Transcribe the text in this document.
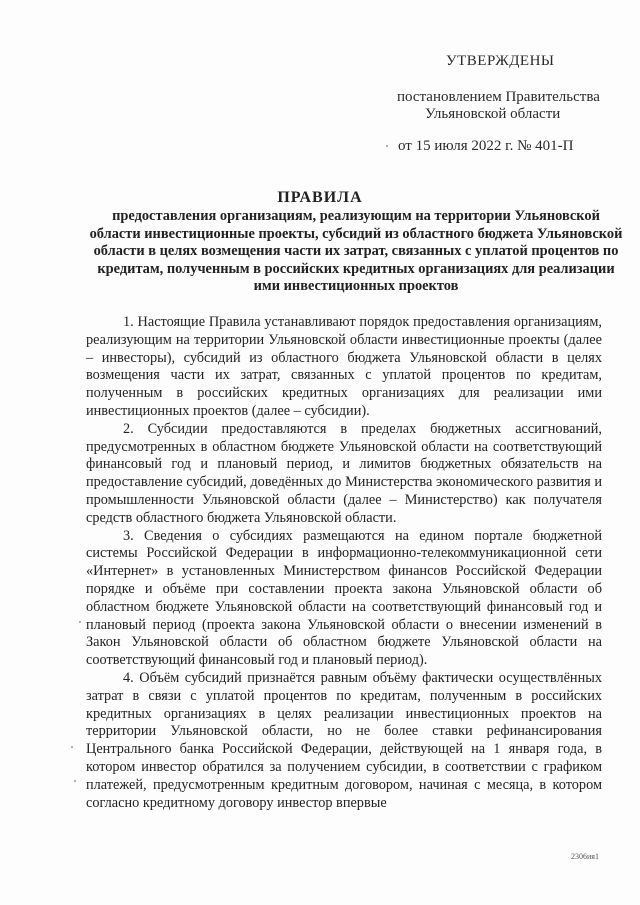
УТВЕРЖДЕНЫ
постановлением Правительства
Ульяновской области
от 15 июля 2022 г. № 401-П
ПРАВИЛА
предоставления организациям, реализующим на территории Ульяновской области инвестиционные проекты, субсидий из областного бюджета Ульяновской области в целях возмещения части их затрат, связанных с уплатой процентов по кредитам, полученным в российских кредитных организациях для реализации ими инвестиционных проектов

1. Настоящие Правила устанавливают порядок предоставления организациям, реализующим на территории Ульяновской области инвестиционные проекты (далее – инвесторы), субсидий из областного бюджета Ульяновской области в целях возмещения части их затрат, связанных с уплатой процентов по кредитам, полученным в российских кредитных организациях для реализации ими инвестиционных проектов (далее – субсидии).

2. Субсидии предоставляются в пределах бюджетных ассигнований, предусмотренных в областном бюджете Ульяновской области на соответствующий финансовый год и плановый период, и лимитов бюджетных обязательств на предоставление субсидий, доведённых до Министерства экономического развития и промышленности Ульяновской области (далее – Министерство) как получателя средств областного бюджета Ульяновской области.

3. Сведения о субсидиях размещаются на едином портале бюджетной системы Российской Федерации в информационно-телекоммуникационной сети «Интернет» в установленных Министерством финансов Российской Федерации порядке и объёме при составлении проекта закона Ульяновской области об областном бюджете Ульяновской области на соответствующий финансовый год и плановый период (проекта закона Ульяновской области о внесении изменений в Закон Ульяновской области об областном бюджете Ульяновской области на соответствующий финансовый год и плановый период).

4. Объём субсидий признаётся равным объёму фактически осуществлённых затрат в связи с уплатой процентов по кредитам, полученным в российских кредитных организациях в целях реализации инвестиционных проектов на территории Ульяновской области, но не более ставки рефинансирования Центрального банка Российской Федерации, действующей на 1 января года, в котором инвестор обратился за получением субсидии, в соответствии с графиком платежей, предусмотренным кредитным договором, начиная с месяца, в котором согласно кредитному договору инвестор впервые

2306ия1
